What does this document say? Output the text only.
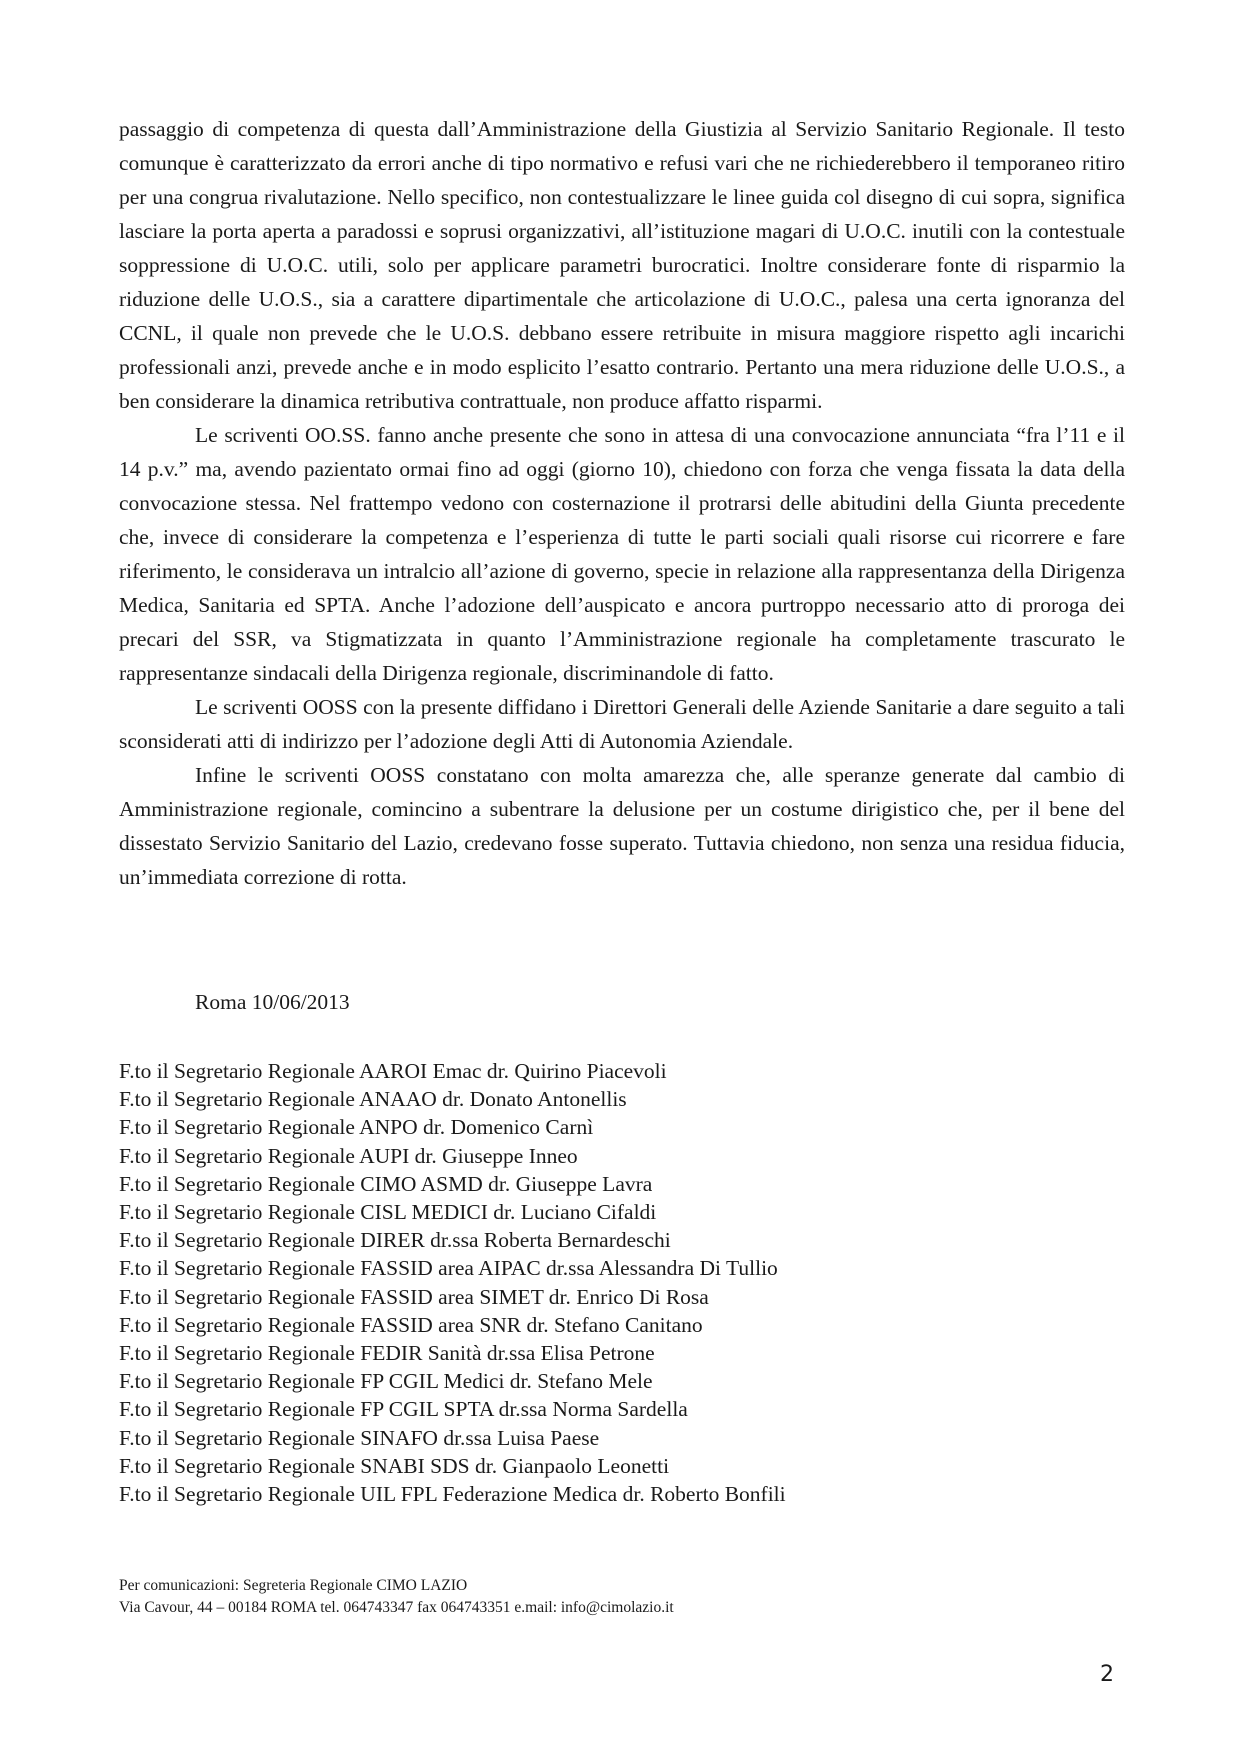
passaggio di competenza di questa dall’Amministrazione della Giustizia al Servizio Sanitario Regionale. Il testo comunque è caratterizzato da errori anche di tipo normativo e refusi vari che ne richiederebbero il temporaneo ritiro per una congrua rivalutazione. Nello specifico, non contestualizzare le linee guida col disegno di cui sopra, significa lasciare la porta aperta a paradossi e soprusi organizzativi, all’istituzione magari di U.O.C. inutili con la contestuale soppressione di U.O.C. utili, solo per applicare parametri burocratici. Inoltre considerare fonte di risparmio la riduzione delle U.O.S., sia a carattere dipartimentale che articolazione di U.O.C., palesa una certa ignoranza del CCNL, il quale non prevede che le U.O.S. debbano essere retribuite in misura maggiore rispetto agli incarichi professionali anzi, prevede anche e in modo esplicito l’esatto contrario. Pertanto una mera riduzione delle U.O.S., a ben considerare la dinamica retributiva contrattuale, non produce affatto risparmi.

Le scriventi OO.SS. fanno anche presente che sono in attesa di una convocazione annunciata “fra l’11 e il 14 p.v.” ma, avendo pazientato ormai fino ad oggi (giorno 10), chiedono con forza che venga fissata la data della convocazione stessa. Nel frattempo vedono con costernazione il protrarsi delle abitudini della Giunta precedente che, invece di considerare la competenza e l’esperienza di tutte le parti sociali quali risorse cui ricorrere e fare riferimento, le considerava un intralcio all’azione di governo, specie in relazione alla rappresentanza della Dirigenza Medica, Sanitaria ed SPTA. Anche l’adozione dell’auspicato e ancora purtroppo necessario atto di proroga dei precari del SSR, va Stigmatizzata in quanto l’Amministrazione regionale ha completamente trascurato le rappresentanze sindacali della Dirigenza regionale, discriminandole di fatto.

Le scriventi OOSS con la presente diffidano i Direttori Generali delle Aziende Sanitarie a dare seguito a tali sconsiderati atti di indirizzo per l’adozione degli Atti di Autonomia Aziendale.

Infine le scriventi OOSS constatano con molta amarezza che, alle speranze generate dal cambio di Amministrazione regionale, comincino a subentrare la delusione per un costume dirigistico che, per il bene del dissestato Servizio Sanitario del Lazio, credevano fosse superato. Tuttavia chiedono, non senza una residua fiducia, un’immediata correzione di rotta.

Roma 10/06/2013
F.to il Segretario Regionale AAROI Emac dr. Quirino Piacevoli
F.to il Segretario Regionale ANAAO dr. Donato Antonellis
F.to il Segretario Regionale ANPO dr. Domenico Carnì
F.to il Segretario Regionale AUPI dr. Giuseppe Inneo
F.to il Segretario Regionale CIMO ASMD dr. Giuseppe Lavra
F.to il Segretario Regionale CISL MEDICI dr. Luciano Cifaldi
F.to il Segretario Regionale DIRER dr.ssa Roberta Bernardeschi
F.to il Segretario Regionale FASSID area AIPAC dr.ssa Alessandra Di Tullio
F.to il Segretario Regionale FASSID area SIMET dr. Enrico Di Rosa
F.to il Segretario Regionale FASSID area SNR dr. Stefano Canitano
F.to il Segretario Regionale FEDIR Sanità dr.ssa Elisa Petrone
F.to il Segretario Regionale FP CGIL Medici dr. Stefano Mele
F.to il Segretario Regionale FP CGIL SPTA dr.ssa Norma Sardella
F.to il Segretario Regionale SINAFO dr.ssa Luisa Paese
F.to il Segretario Regionale SNABI SDS dr. Gianpaolo Leonetti
F.to il Segretario Regionale UIL FPL Federazione Medica dr. Roberto Bonfili
Per comunicazioni: Segreteria Regionale CIMO LAZIO
Via Cavour, 44 – 00184 ROMA tel. 064743347 fax 064743351 e.mail: info@cimolazio.it
2
